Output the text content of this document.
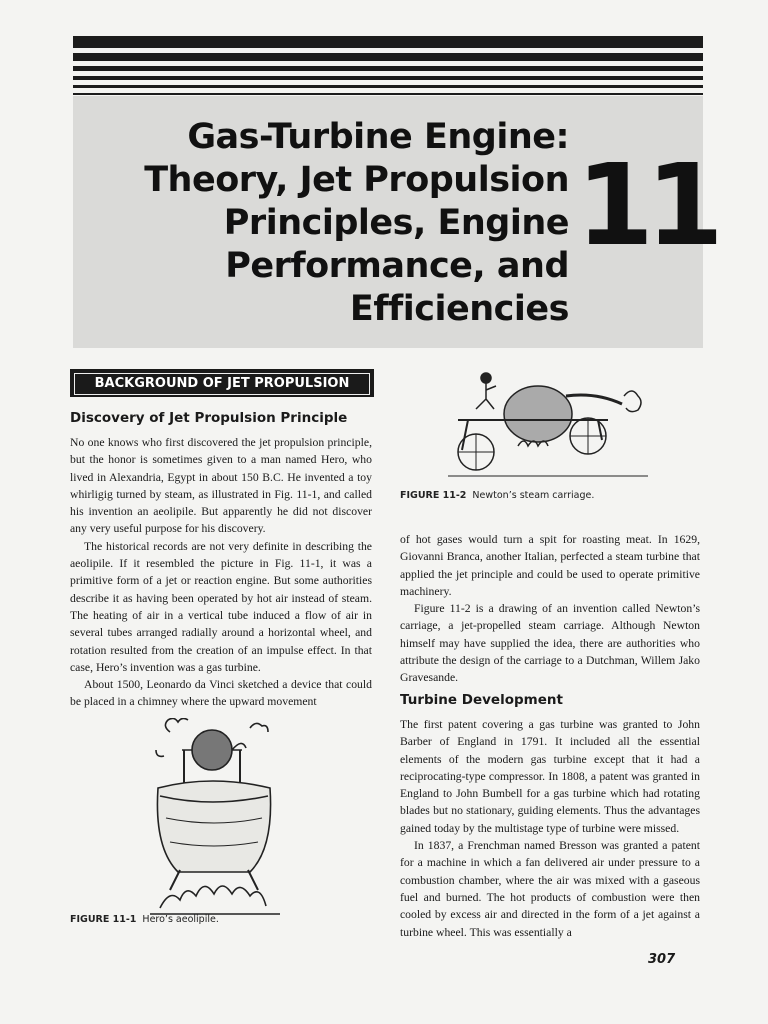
Gas-Turbine Engine:
Theory, Jet Propulsion
Principles, Engine
Performance, and
Efficiencies
11
BACKGROUND OF JET PROPULSION
Discovery of Jet Propulsion Principle

No one knows who first discovered the jet propulsion principle, but the honor is sometimes given to a man named Hero, who lived in Alexandria, Egypt in about 150 B.C. He invented a toy whirligig turned by steam, as illustrated in Fig. 11-1, and called his invention an aeolipile. But apparently he did not discover any very useful purpose for his discovery.

The historical records are not very definite in describing the aeolipile. If it resembled the picture in Fig. 11-1, it was a primitive form of a jet or reaction engine. But some authorities describe it as having been operated by hot air instead of steam. The heating of air in a vertical tube induced a flow of air in several tubes arranged radially around a horizontal wheel, and rotation resulted from the creation of an impulse effect. In that case, Hero’s invention was a gas turbine.

About 1500, Leonardo da Vinci sketched a device that could be placed in a chimney where the upward movement

FIGURE 11-1 Hero’s aeolipile.
FIGURE 11-2 Newton’s steam carriage.

of hot gases would turn a spit for roasting meat. In 1629, Giovanni Branca, another Italian, perfected a steam turbine that applied the jet principle and could be used to operate primitive machinery.

Figure 11-2 is a drawing of an invention called Newton’s carriage, a jet-propelled steam carriage. Although Newton himself may have supplied the idea, there are authorities who attribute the design of the carriage to a Dutchman, Willem Jako Gravesande.

Turbine Development

The first patent covering a gas turbine was granted to John Barber of England in 1791. It included all the essential elements of the modern gas turbine except that it had a reciprocating-type compressor. In 1808, a patent was granted in England to John Bumbell for a gas turbine which had rotating blades but no stationary, guiding elements. Thus the advantages gained today by the multistage type of turbine were missed.

In 1837, a Frenchman named Bresson was granted a patent for a machine in which a fan delivered air under pressure to a combustion chamber, where the air was mixed with a gaseous fuel and burned. The hot products of combustion were then cooled by excess air and directed in the form of a jet against a turbine wheel. This was essentially a

307
